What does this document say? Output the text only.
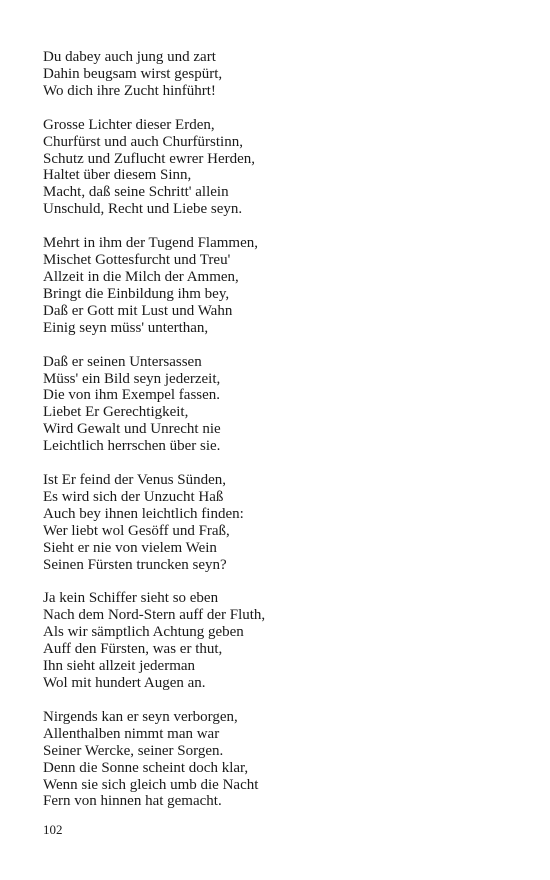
Du dabey auch jung und zart
Dahin beugsam wirst gespürt,
Wo dich ihre Zucht hinführt!
Grosse Lichter dieser Erden,
Churfürst und auch Churfürstinn,
Schutz und Zuflucht ewrer Herden,
Haltet über diesem Sinn,
Macht, daß seine Schritt' allein
Unschuld, Recht und Liebe seyn.
Mehrt in ihm der Tugend Flammen,
Mischet Gottesfurcht und Treu'
Allzeit in die Milch der Ammen,
Bringt die Einbildung ihm bey,
Daß er Gott mit Lust und Wahn
Einig seyn müss' unterthan,
Daß er seinen Untersassen
Müss' ein Bild seyn jederzeit,
Die von ihm Exempel fassen.
Liebet Er Gerechtigkeit,
Wird Gewalt und Unrecht nie
Leichtlich herrschen über sie.
Ist Er feind der Venus Sünden,
Es wird sich der Unzucht Haß
Auch bey ihnen leichtlich finden:
Wer liebt wol Gesöff und Fraß,
Sieht er nie von vielem Wein
Seinen Fürsten truncken seyn?
Ja kein Schiffer sieht so eben
Nach dem Nord-Stern auff der Fluth,
Als wir sämptlich Achtung geben
Auff den Fürsten, was er thut,
Ihn sieht allzeit jederman
Wol mit hundert Augen an.
Nirgends kan er seyn verborgen,
Allenthalben nimmt man war
Seiner Wercke, seiner Sorgen.
Denn die Sonne scheint doch klar,
Wenn sie sich gleich umb die Nacht
Fern von hinnen hat gemacht.
102
